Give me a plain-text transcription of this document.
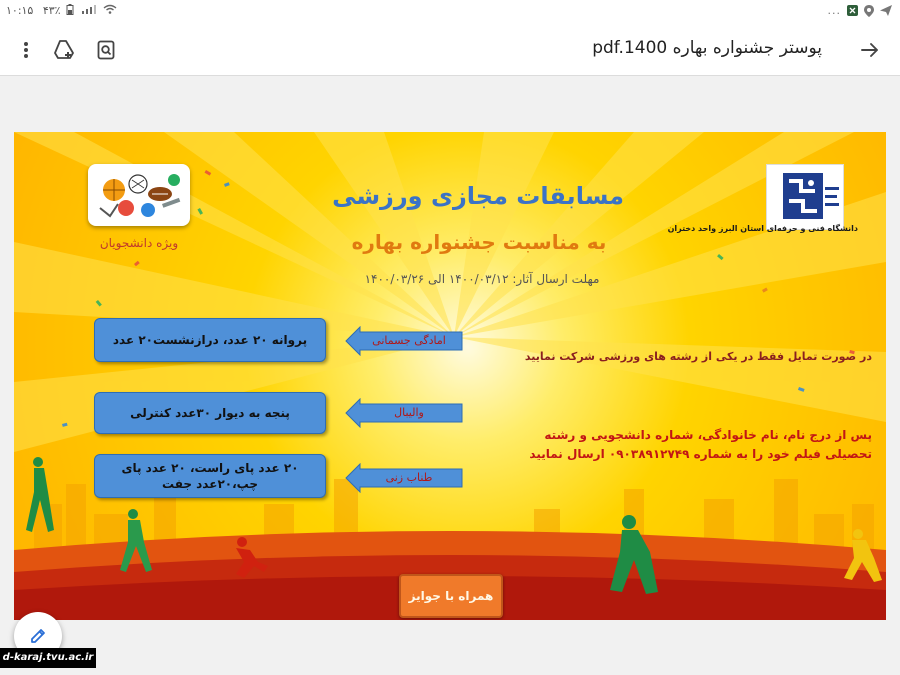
۱۰:۱۵ ۴۳٪	...
پوستر جشنواره بهاره pdf.1400
دانشگاه فنی و حرفه‌ای استان البرز واحد دختران
ویژه دانشجویان
مسابقات مجازی ورزشی
به مناسبت جشنواره بهاره
مهلت ارسال آثار: ۱۴۰۰/۰۳/۱۲ الی ۱۴۰۰/۰۳/۲۶
پروانه ۲۰ عدد، درازنشست۲۰ عدد	امادگی جسمانی
پنجه به دیوار ۳۰عدد کنترلی	والیبال
۲۰ عدد پای راست، ۲۰ عدد پای چپ،۲۰عدد جفت	طناب زنی
در صورت تمایل فقط در یکی از رشته های ورزشی شرکت نمایید
پس از درج نام، نام خانوادگی، شماره دانشجویی و رشته تحصیلی فیلم خود را به شماره ۰۹۰۳۸۹۱۲۷۴۹ ارسال نمایید
همراه با جوایز
d-karaj.tvu.ac.ir
